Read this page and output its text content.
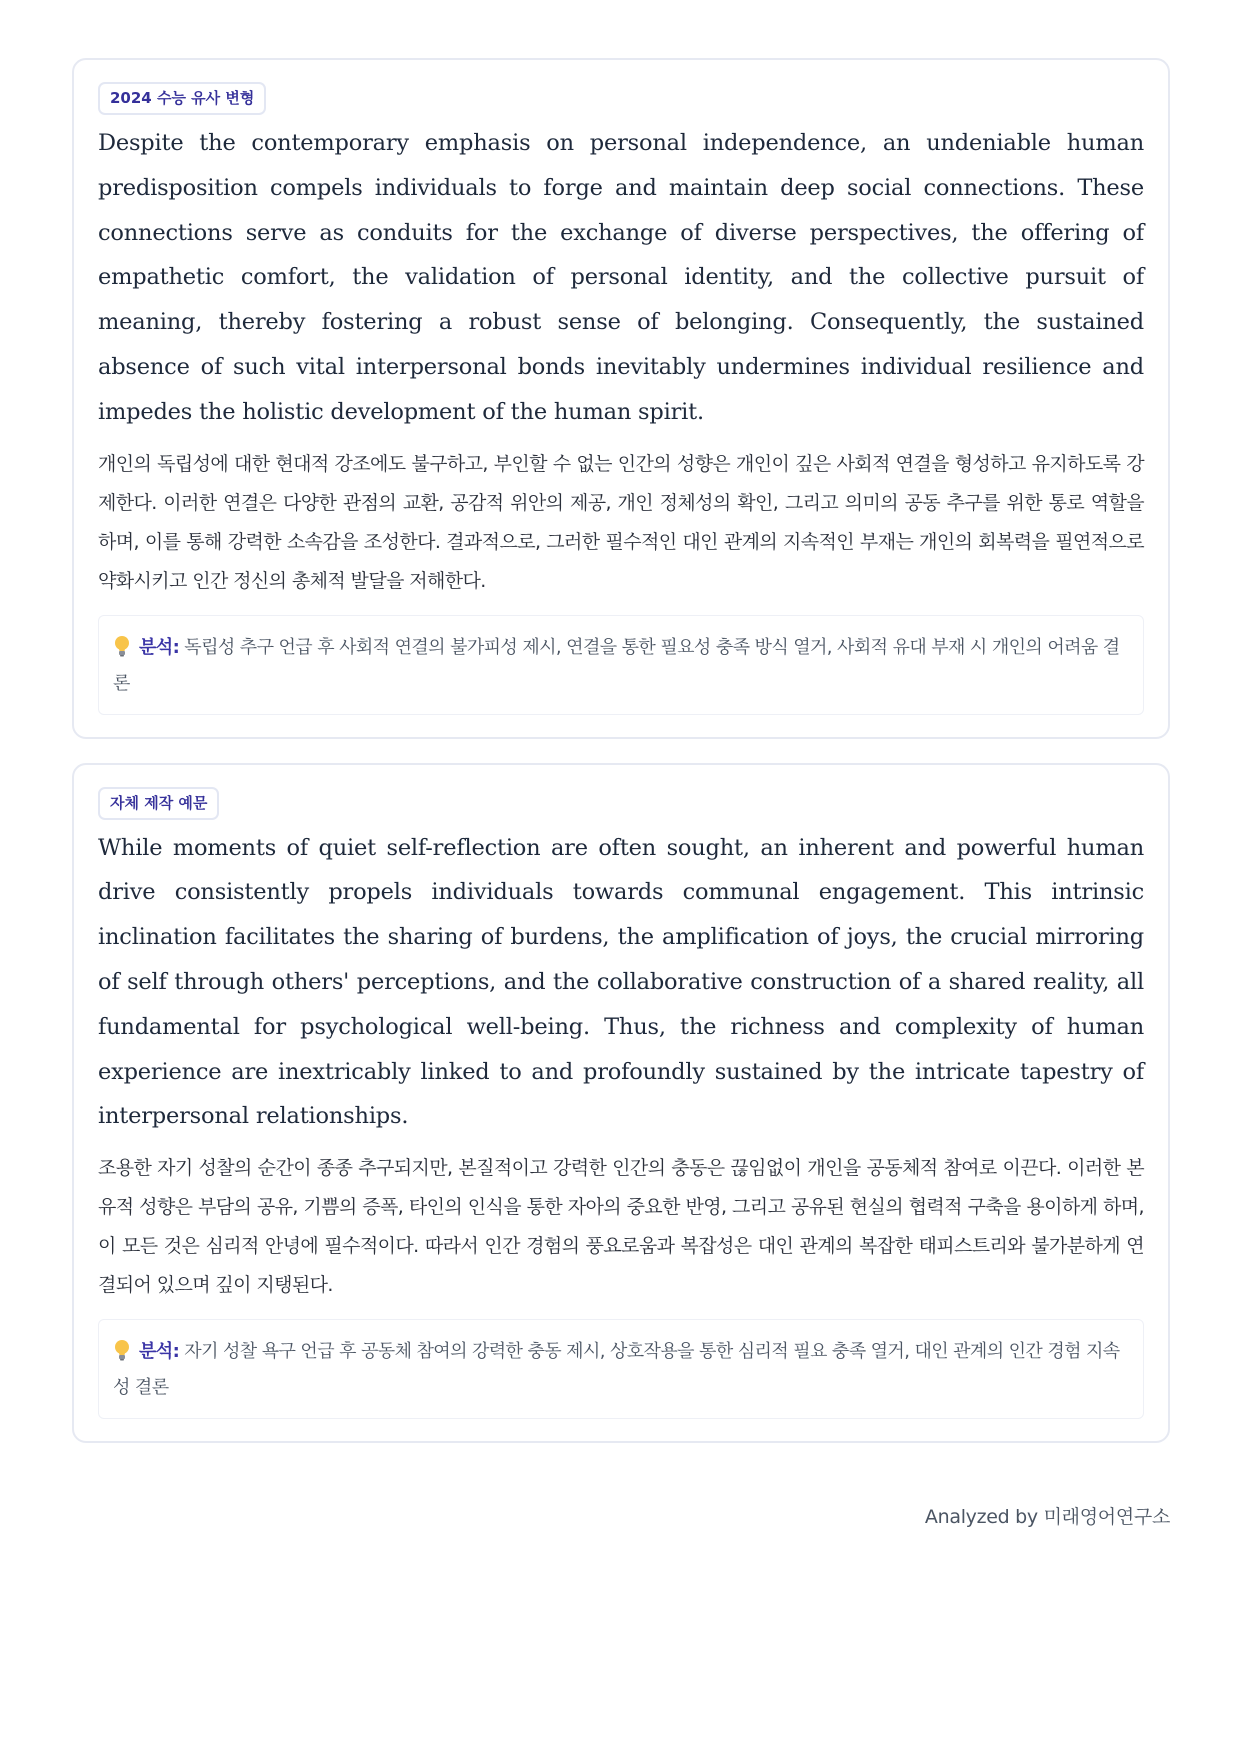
2024 수능 유사 변형

Despite the contemporary emphasis on personal independence, an undeniable human predisposition compels individuals to forge and maintain deep social connections. These connections serve as conduits for the exchange of diverse perspectives, the offering of empathetic comfort, the validation of personal identity, and the collective pursuit of meaning, thereby fostering a robust sense of belonging. Consequently, the sustained absence of such vital interpersonal bonds inevitably undermines individual resilience and impedes the holistic development of the human spirit.

개인의 독립성에 대한 현대적 강조에도 불구하고, 부인할 수 없는 인간의 성향은 개인이 깊은 사회적 연결을 형성하고 유지하도록 강제한다. 이러한 연결은 다양한 관점의 교환, 공감적 위안의 제공, 개인 정체성의 확인, 그리고 의미의 공동 추구를 위한 통로 역할을 하며, 이를 통해 강력한 소속감을 조성한다. 결과적으로, 그러한 필수적인 대인 관계의 지속적인 부재는 개인의 회복력을 필연적으로 약화시키고 인간 정신의 총체적 발달을 저해한다.

분석: 독립성 추구 언급 후 사회적 연결의 불가피성 제시, 연결을 통한 필요성 충족 방식 열거, 사회적 유대 부재 시 개인의 어려움 결론
자체 제작 예문

While moments of quiet self-reflection are often sought, an inherent and powerful human drive consistently propels individuals towards communal engagement. This intrinsic inclination facilitates the sharing of burdens, the amplification of joys, the crucial mirroring of self through others' perceptions, and the collaborative construction of a shared reality, all fundamental for psychological well-being. Thus, the richness and complexity of human experience are inextricably linked to and profoundly sustained by the intricate tapestry of interpersonal relationships.

조용한 자기 성찰의 순간이 종종 추구되지만, 본질적이고 강력한 인간의 충동은 끊임없이 개인을 공동체적 참여로 이끈다. 이러한 본유적 성향은 부담의 공유, 기쁨의 증폭, 타인의 인식을 통한 자아의 중요한 반영, 그리고 공유된 현실의 협력적 구축을 용이하게 하며, 이 모든 것은 심리적 안녕에 필수적이다. 따라서 인간 경험의 풍요로움과 복잡성은 대인 관계의 복잡한 태피스트리와 불가분하게 연결되어 있으며 깊이 지탱된다.

분석: 자기 성찰 욕구 언급 후 공동체 참여의 강력한 충동 제시, 상호작용을 통한 심리적 필요 충족 열거, 대인 관계의 인간 경험 지속성 결론
Analyzed by 미래영어연구소
